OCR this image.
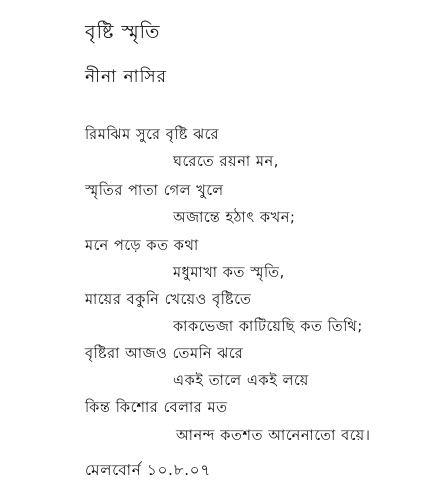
বৃষ্টি স্মৃতি
নীনা নাসির
রিমঝিম সুরে বৃষ্টি ঝরে
ঘরেতে রয়না মন,
স্মৃতির পাতা গেল খুলে
অজান্তে হঠাৎ কখন;
মনে পড়ে কত কথা
মধুমাখা কত স্মৃতি,
মায়ের বকুনি খেয়েও বৃষ্টিতে
কাকভেজা কাটিয়েছি কত তিথি;
বৃষ্টিরা আজও তেমনি ঝরে
একই তালে একই লয়ে
কিন্ত কিশোর বেলার মত
আনন্দ কতশত আনেনাতো বয়ে।
মেলবোর্ন ১০.৮.০৭
